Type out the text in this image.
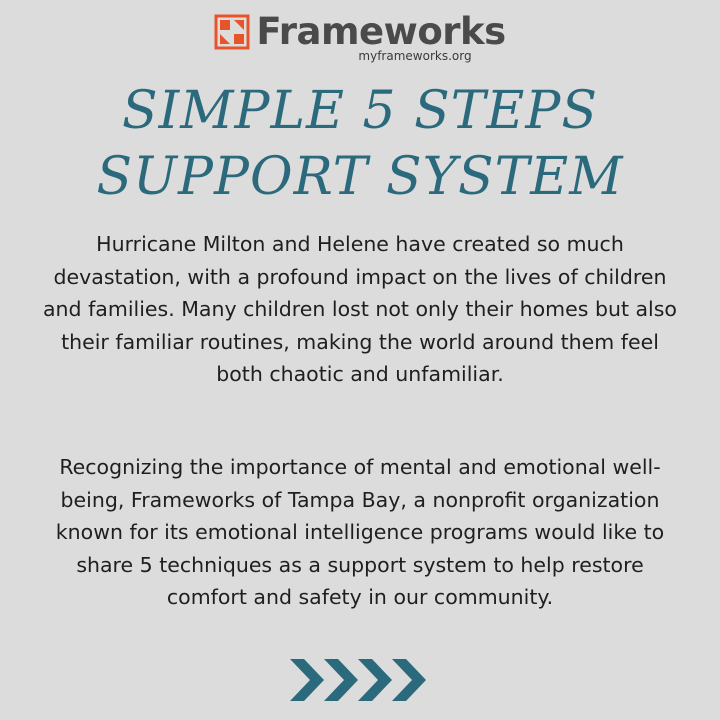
Frameworks
myframeworks.org
SIMPLE 5 STEPS
SUPPORT SYSTEM
Hurricane Milton and Helene have created so much devastation, with a profound impact on the lives of children and families. Many children lost not only their homes but also their familiar routines, making the world around them feel both chaotic and unfamiliar.
Recognizing the importance of mental and emotional well-being, Frameworks of Tampa Bay, a nonprofit organization known for its emotional intelligence programs would like to share 5 techniques as a support system to help restore comfort and safety in our community.
